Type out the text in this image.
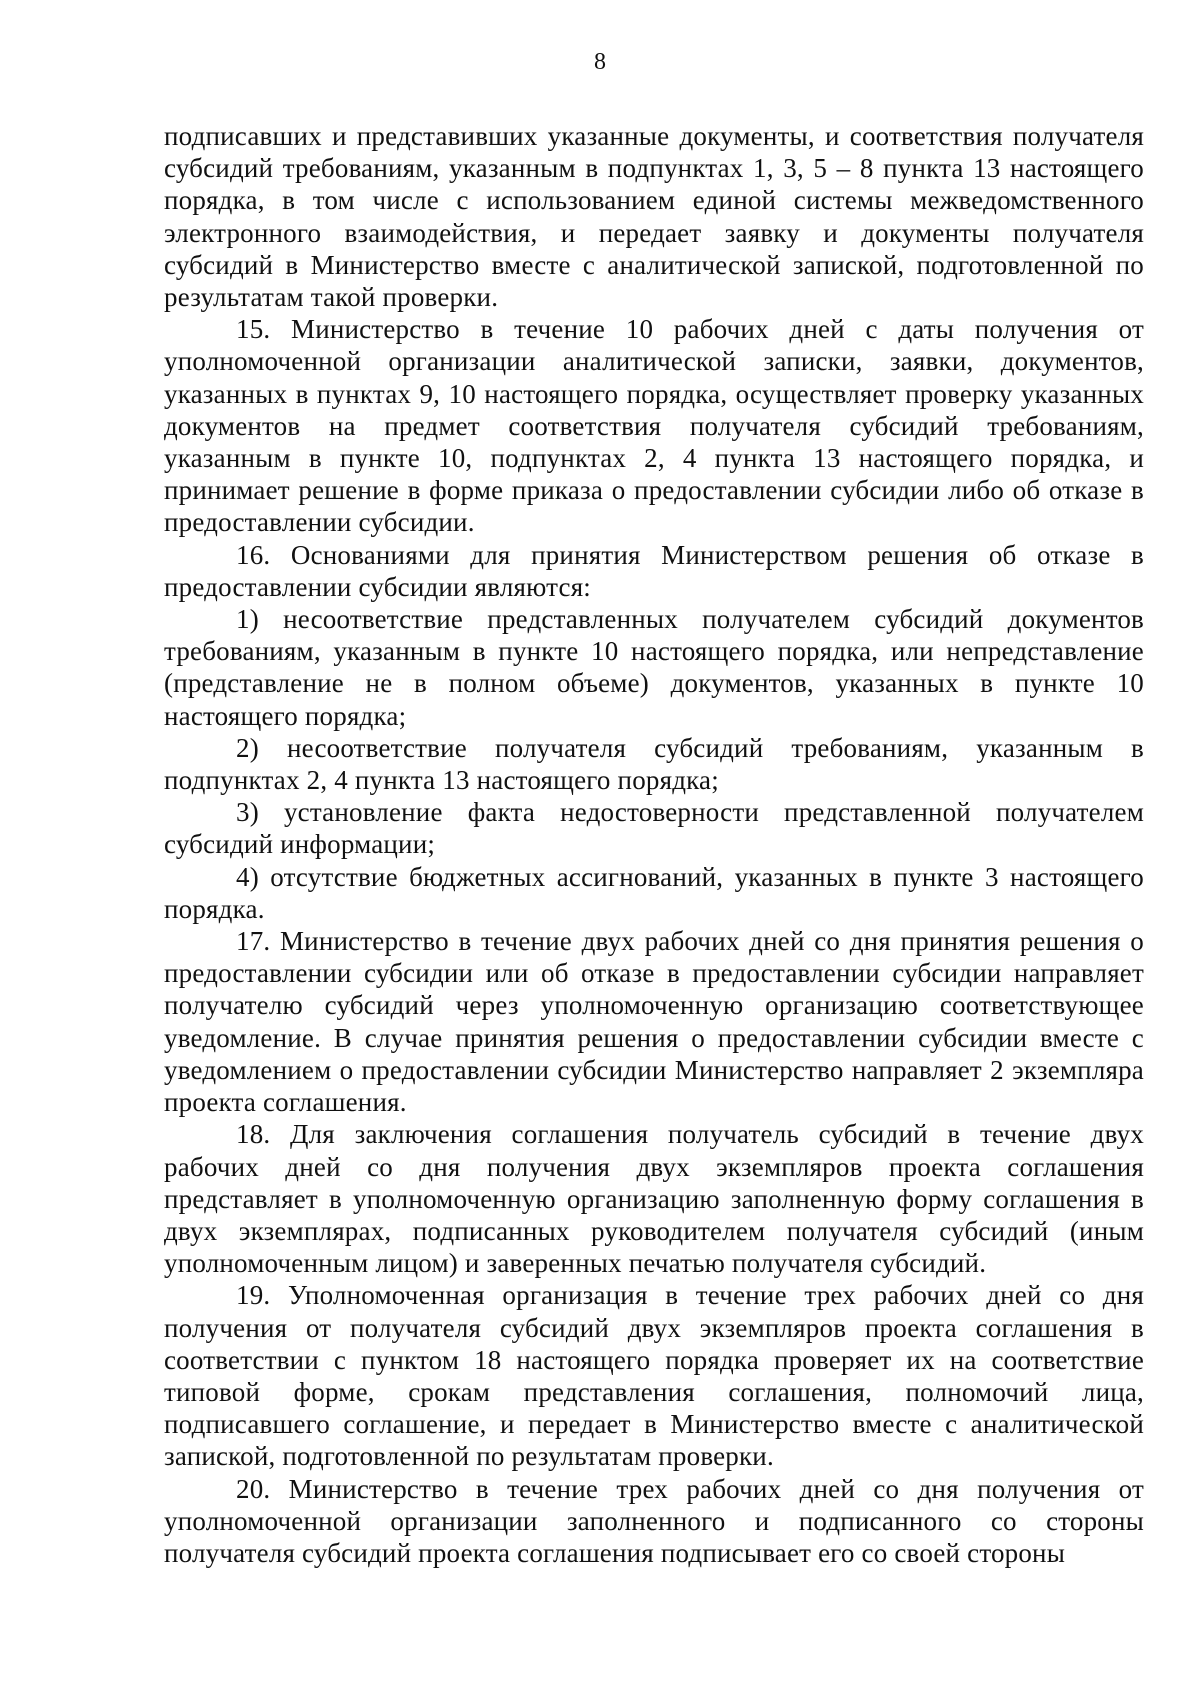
8

подписавших и представивших указанные документы, и соответствия получателя субсидий требованиям, указанным в подпунктах 1, 3, 5 – 8 пункта 13 настоящего порядка, в том числе с использованием единой системы межведомственного электронного взаимодействия, и передает заявку и документы получателя субсидий в Министерство вместе с аналитической запиской, подготовленной по результатам такой проверки.

15. Министерство в течение 10 рабочих дней с даты получения от уполномоченной организации аналитической записки, заявки, документов, указанных в пунктах 9, 10 настоящего порядка, осуществляет проверку указанных документов на предмет соответствия получателя субсидий требованиям, указанным в пункте 10, подпунктах 2, 4 пункта 13 настоящего порядка, и принимает решение в форме приказа о предоставлении субсидии либо об отказе в предоставлении субсидии.

16. Основаниями для принятия Министерством решения об отказе в предоставлении субсидии являются:

1) несоответствие представленных получателем субсидий документов требованиям, указанным в пункте 10 настоящего порядка, или непредставление (представление не в полном объеме) документов, указанных в пункте 10 настоящего порядка;

2) несоответствие получателя субсидий требованиям, указанным в подпунктах 2, 4 пункта 13 настоящего порядка;

3) установление факта недостоверности представленной получателем субсидий информации;

4) отсутствие бюджетных ассигнований, указанных в пункте 3 настоящего порядка.

17. Министерство в течение двух рабочих дней со дня принятия решения о предоставлении субсидии или об отказе в предоставлении субсидии направляет получателю субсидий через уполномоченную организацию соответствующее уведомление. В случае принятия решения о предоставлении субсидии вместе с уведомлением о предоставлении субсидии Министерство направляет 2 экземпляра проекта соглашения.

18. Для заключения соглашения получатель субсидий в течение двух рабочих дней со дня получения двух экземпляров проекта соглашения представляет в уполномоченную организацию заполненную форму соглашения в двух экземплярах, подписанных руководителем получателя субсидий (иным уполномоченным лицом) и заверенных печатью получателя субсидий.

19. Уполномоченная организация в течение трех рабочих дней со дня получения от получателя субсидий двух экземпляров проекта соглашения в соответствии с пунктом 18 настоящего порядка проверяет их на соответствие типовой форме, срокам представления соглашения, полномочий лица, подписавшего соглашение, и передает в Министерство вместе с аналитической запиской, подготовленной по результатам проверки.

20. Министерство в течение трех рабочих дней со дня получения от уполномоченной организации заполненного и подписанного со стороны получателя субсидий проекта соглашения подписывает его со своей стороны
